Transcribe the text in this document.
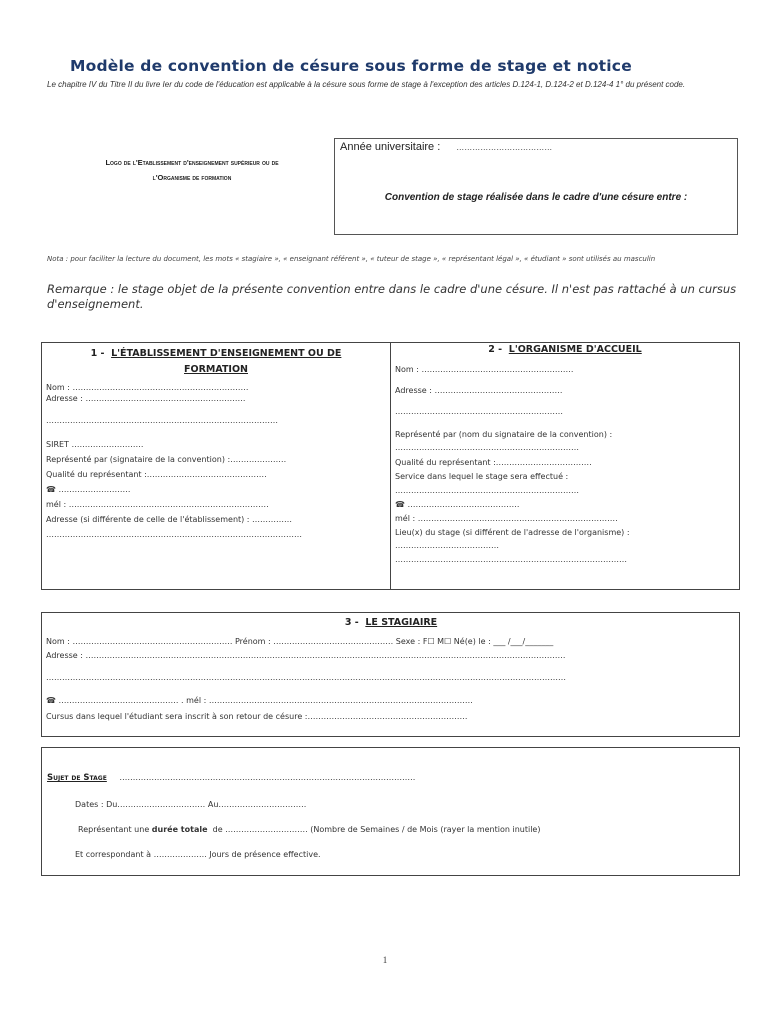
Modèle de convention de césure sous forme de stage et notice
Le chapitre IV du Titre II du livre Ier du code de l'éducation est applicable à la césure sous forme de stage à l'exception des articles D.124-1, D.124-2 et D.124-4 1° du présent code.
Logo de l'Etablissement d'enseignement supérieur ou de
l'Organisme de formation
Année universitaire : ………………………………
Convention de stage réalisée dans le cadre d'une césure entre :
Nota : pour faciliter la lecture du document, les mots « stagiaire », « enseignant référent », « tuteur de stage », « représentant légal », « étudiant » sont utilisés au masculin
Remarque : le stage objet de la présente convention entre dans le cadre d'une césure. Il n'est pas rattaché à un cursus d'enseignement.
1 - L'ÉTABLISSEMENT D'ENSEIGNEMENT OU DE
FORMATION
Nom : …………………………………………………………
Adresse : ……………………………………………………
……………………………………………………………………………
SIRET ………………………
Représenté par (signataire de la convention) :…………………
Qualité du représentant :………………………………………
☎ ………………………
mél : …………………………………………………………………
Adresse (si différente de celle de l'établissement) : ……………
……………………………………………………………………………………
2 - L'ORGANISME D'ACCUEIL
Nom : …………………………………………………
Adresse : …………………………………………
………………………………………………………
Représenté par (nom du signataire de la convention) :
……………………………………………………………
Qualité du représentant :………………………………
Service dans lequel le stage sera effectué :
……………………………………………………………
☎ ……………………………………
mél : …………………………………………………………………
Lieu(x) du stage (si différent de l'adresse de l'organisme) :
…………………………………
……………………………………………………………………………
3 - LE STAGIAIRE
Nom : …………………………………………………… Prénom : ……………………………………… Sexe : F☐ M☐ Né(e) le : ___ /___/_______
Adresse : ………………………………………………………………………………………………………………………………………………………………
……………………………………………………………………………………………………………………………………………………………………………
☎ ……………………………………… . mél : ………………………………………………………………………………………
Cursus dans lequel l'étudiant sera inscrit à son retour de césure :……………………………………………………
Sujet de Stage …………………………………………………………………………………………………
Dates : Du…………………………… Au……………………………
Représentant une durée totale de …………………………. (Nombre de Semaines / de Mois (rayer la mention inutile)
Et correspondant à ……………….. Jours de présence effective.
1
